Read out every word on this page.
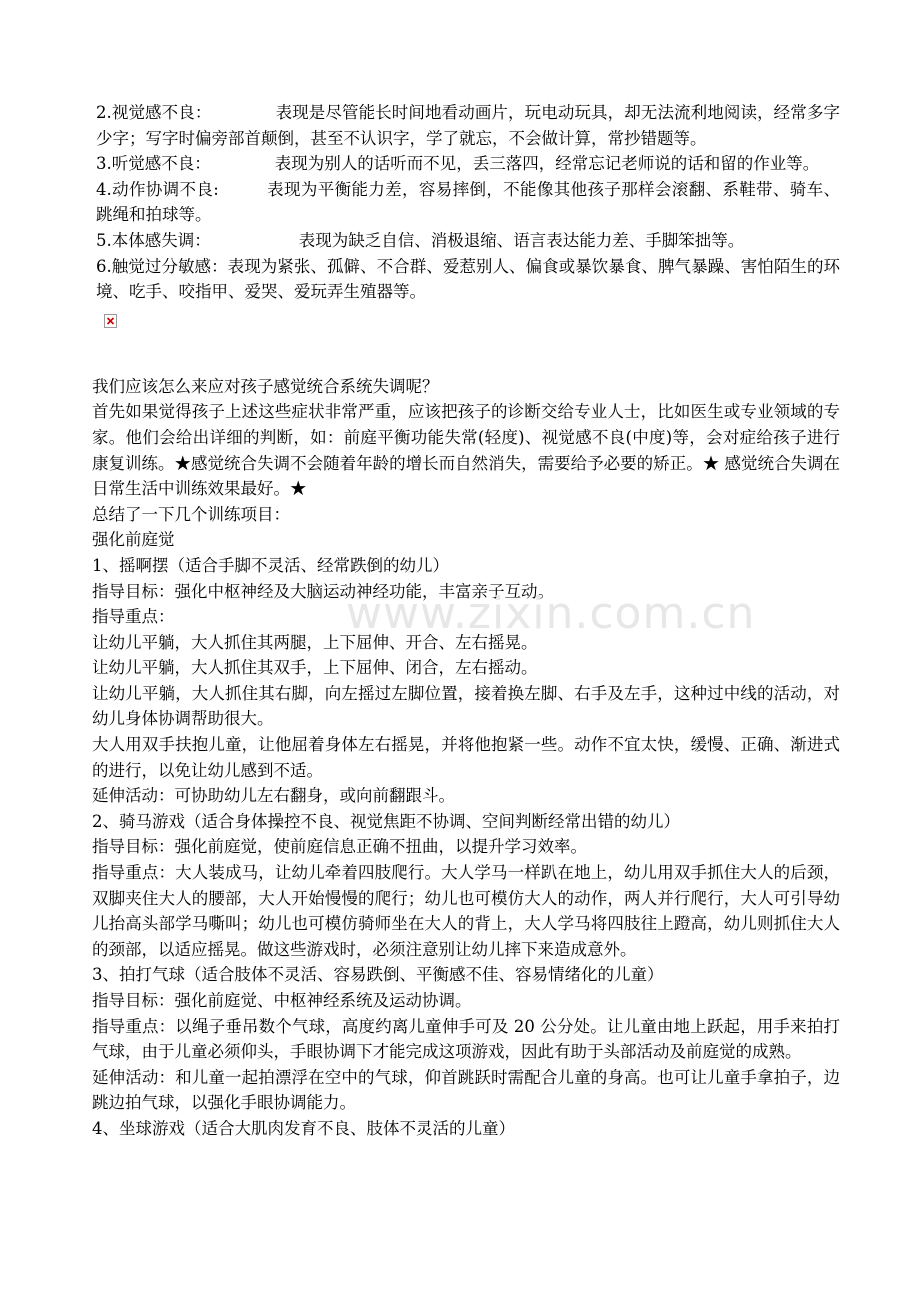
2.视觉感不良：	表现是尽管能长时间地看动画片，玩电动玩具，却无法流利地阅读，经常多字少字；写字时偏旁部首颠倒，甚至不认识字，学了就忘，不会做计算，常抄错题等。

3.听觉感不良：	表现为别人的话听而不见，丢三落四，经常忘记老师说的话和留的作业等。

4.动作协调不良:	表现为平衡能力差，容易摔倒，不能像其他孩子那样会滚翻、系鞋带、骑车、跳绳和拍球等。

5.本体感失调：	表现为缺乏自信、消极退缩、语言表达能力差、手脚笨拙等。

6.触觉过分敏感：表现为紧张、孤僻、不合群、爱惹别人、偏食或暴饮暴食、脾气暴躁、害怕陌生的环境、吃手、咬指甲、爱哭、爱玩弄生殖器等。

我们应该怎么来应对孩子感觉统合系统失调呢？

首先如果觉得孩子上述这些症状非常严重，应该把孩子的诊断交给专业人士，比如医生或专业领域的专家。他们会给出详细的判断，如：前庭平衡功能失常(轻度)、视觉感不良(中度)等，会对症给孩子进行康复训练。★感觉统合失调不会随着年龄的增长而自然消失，需要给予必要的矫正。★ 感觉统合失调在日常生活中训练效果最好。★

总结了一下几个训练项目：

强化前庭觉

1、摇啊摆（适合手脚不灵活、经常跌倒的幼儿）

指导目标：强化中枢神经及大脑运动神经功能，丰富亲子互动。

指导重点：

让幼儿平躺，大人抓住其两腿，上下屈伸、开合、左右摇晃。

让幼儿平躺，大人抓住其双手，上下屈伸、闭合，左右摇动。

让幼儿平躺，大人抓住其右脚，向左摇过左脚位置，接着换左脚、右手及左手，这种过中线的活动，对幼儿身体协调帮助很大。

大人用双手扶抱儿童，让他屈着身体左右摇晃，并将他抱紧一些。动作不宜太快，缓慢、正确、渐进式的进行，以免让幼儿感到不适。

延伸活动：可协助幼儿左右翻身，或向前翻跟斗。

2、骑马游戏（适合身体操控不良、视觉焦距不协调、空间判断经常出错的幼儿）

指导目标：强化前庭觉，使前庭信息正确不扭曲，以提升学习效率。

指导重点：大人装成马，让幼儿牵着四肢爬行。大人学马一样趴在地上，幼儿用双手抓住大人的后颈，双脚夹住大人的腰部，大人开始慢慢的爬行；幼儿也可模仿大人的动作，两人并行爬行，大人可引导幼儿抬高头部学马嘶叫；幼儿也可模仿骑师坐在大人的背上，大人学马将四肢往上蹬高，幼儿则抓住大人的颈部，以适应摇晃。做这些游戏时，必须注意别让幼儿摔下来造成意外。

3、拍打气球（适合肢体不灵活、容易跌倒、平衡感不佳、容易情绪化的儿童）

指导目标：强化前庭觉、中枢神经系统及运动协调。

指导重点：以绳子垂吊数个气球，高度约离儿童伸手可及 20 公分处。让儿童由地上跃起，用手来拍打气球，由于儿童必须仰头，手眼协调下才能完成这项游戏，因此有助于头部活动及前庭觉的成熟。

延伸活动：和儿童一起拍漂浮在空中的气球，仰首跳跃时需配合儿童的身高。也可让儿童手拿拍子，边跳边拍气球，以强化手眼协调能力。

4、坐球游戏（适合大肌肉发育不良、肢体不灵活的儿童）

www.zixin.com.cn
